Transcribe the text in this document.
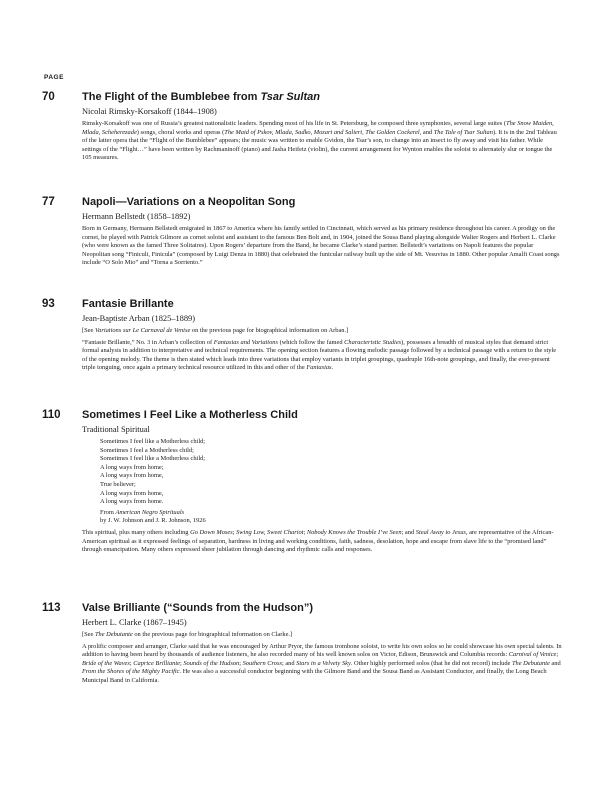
PAGE
70	The Flight of the Bumblebee from Tsar Sultan
Nicolai Rimsky-Korsakoff (1844–1908)

Rimsky-Korsakoff was one of Russia’s greatest nationalistic leaders. Spending most of his life in St. Petersburg, he composed three symphonies, several large suites (The Snow Maiden, Mlada, Scheherezade) songs, choral works and operas (The Maid of Pskov, Mlada, Sadko, Mozart and Salieri, The Golden Cockerel, and The Tale of Tsar Sultan). It is in the 2nd Tableau of the latter opera that the “Flight of the Bumblebee” appears; the music was written to enable Gvidon, the Tsar’s son, to change into an insect to fly away and visit his father. While settings of the “Flight…” have been written by Rachmaninoff (piano) and Jasha Heifetz (violin), the current arrangement for Wynton enables the soloist to alternately slur or tongue the 105 measures.

77	Napoli—Variations on a Neopolitan Song
Hermann Bellstedt (1858–1892)

Born in Germany, Hermann Bellstedt emigrated in 1867 to America where his family settled in Cincinnati, which served as his primary residence throughout his career. A prodigy on the cornet, he played with Patrick Gilmore as cornet soloist and assistant to the famous Ben Bolt and, in 1904, joined the Sousa Band playing alongside Walter Rogers and Herbert L. Clarke (who were known as the famed Three Solitaires). Upon Rogers’ departure from the Band, he became Clarke’s stand partner. Bellstedt’s variations on Napoli features the popular Neopolitan song “Finiculi, Finicula” (composed by Luigi Denza in 1880) that celebrated the funicular railway built up the side of Mt. Vesuvius in 1880. Other popular Amalfi Coast songs include “O Solo Mio” and “Torna a Sorriento.”

93	Fantasie Brillante
Jean-Baptiste Arban (1825–1889)

[See Variations sur Le Carnaval de Venise on the previous page for biographical information on Arban.]

“Fantasie Brillante,” No. 3 in Arban’s collection of Fantasias and Variations (which follow the famed Characteristic Studies), possesses a breadth of musical styles that demand strict formal analysis in addition to interpretative and technical requirements. The opening section features a flowing melodic passage followed by a technical passage with a return to the style of the opening melody. The theme is then stated which leads into three variations that employ variants in triplet groupings, quadruple 16th-note groupings, and finally, the ever-present triple tonguing, once again a primary technical resource utilized in this and other of the Fantasias.

110	Sometimes I Feel Like a Motherless Child
Traditional Spiritual
Sometimes I feel like a Motherless child;
Sometimes I feel a Motherless child;
Sometimes I feel like a Motherless child;
A long ways from home;
A long ways from home,
True believer;
A long ways from home,
A long ways from home.
From American Negro Spirituals
by J. W. Johnson and J. R. Johnson, 1926

This spiritual, plus many others including Go Down Moses; Swing Low, Sweet Chariot; Nobody Knows the Trouble I’ve Seen; and Steal Away to Jesus, are representative of the African-American spiritual as it expressed feelings of separation, hardness in living and working conditions, faith, sadness, desolation, hope and escape from slave life to the “promised land” through emancipation. Many others expressed sheer jubilation through dancing and rhythmic calls and responses.

113	Valse Brilliante (“Sounds from the Hudson”)
Herbert L. Clarke (1867–1945)

[See The Debutante on the previous page for biographical information on Clarke.]

A prolific composer and arranger, Clarke said that he was encouraged by Arthur Pryor, the famous trombone soloist, to write his own solos so he could showcase his own special talents. In addition to having been heard by thousands of audience listeners, he also recorded many of his well known solos on Victor, Edison, Brunswick and Columbia records: Carnival of Venice; Bride of the Waves; Caprice Brilliante; Sounds of the Hudson; Southern Cross; and Stars in a Velvety Sky. Other highly performed solos (that he did not record) include The Debutante and From the Shores of the Mighty Pacific. He was also a successful conductor beginning with the Gilmore Band and the Sousa Band as Assistant Conductor, and finally, the Long Beach Municipal Band in California.
